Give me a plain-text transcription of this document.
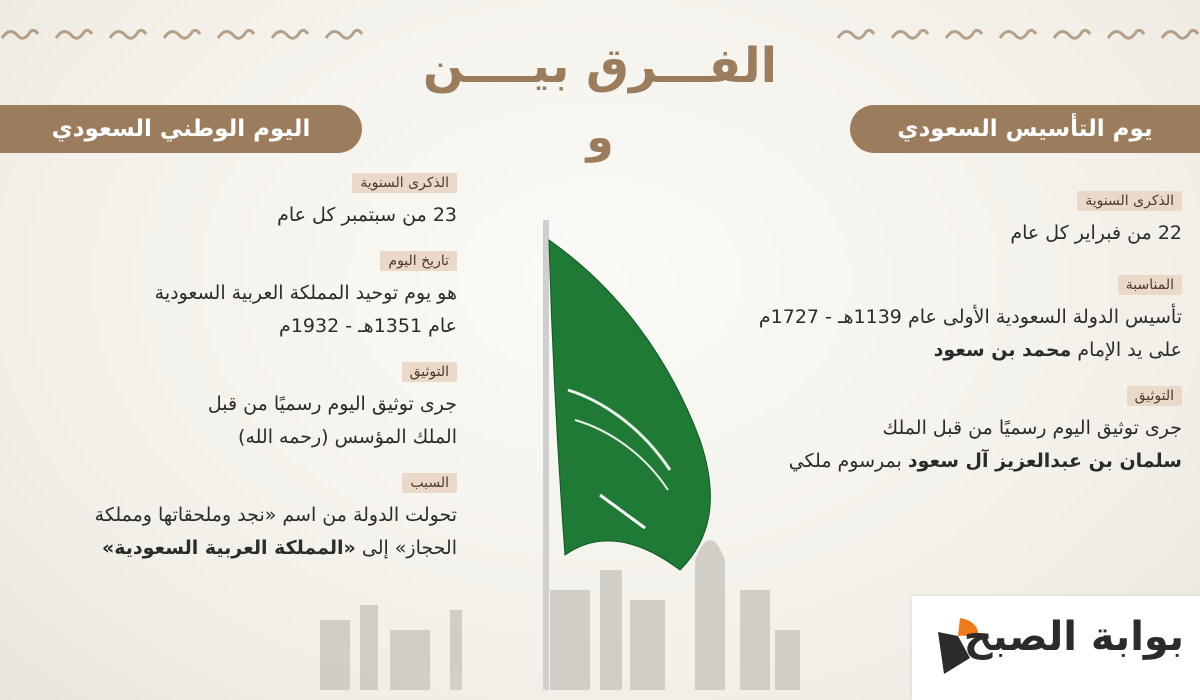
الفـــرق بيــــن
و	يوم التأسيس السعودي
اليوم الوطني السعودي
الذكرى السنوية
22 من فبراير كل عام
المناسبة
تأسيس الدولة السعودية الأولى عام 1139هـ - 1727م
على يد الإمام محمد بن سعود
التوثيق
جرى توثيق اليوم رسميًا من قبل الملك
سلمان بن عبدالعزيز آل سعود بمرسوم ملكي
الذكرى السنوية
23 من سبتمبر كل عام
تاريخ اليوم
هو يوم توحيد المملكة العربية السعودية
عام 1351هـ - 1932م
التوثيق
جرى توثيق اليوم رسميًا من قبل
الملك المؤسس (رحمه الله)
السبب
تحولت الدولة من اسم «نجد وملحقاتها ومملكة
الحجاز» إلى «المملكة العربية السعودية»
بوابة الصبح
